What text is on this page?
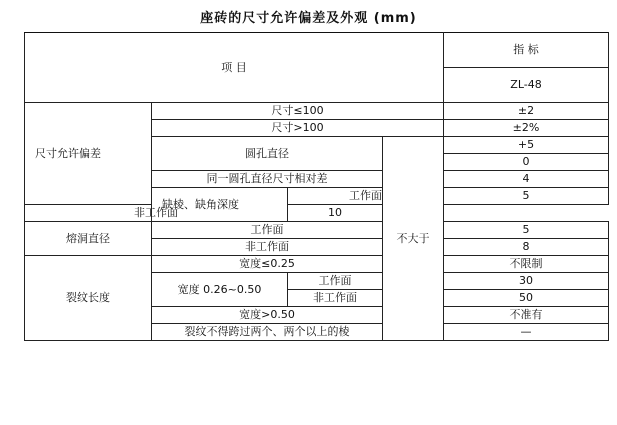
座砖的尺寸允许偏差及外观 (mm)
项 目				指 标
				ZL-48
尺寸允许偏差	尺寸≤100			±2
	尺寸>100			±2%
	圆孔直径		不大于	+5
				0
	同一圆孔直径尺寸相对差			4
	缺棱、缺角深度	工作面		5
非工作面		10		
熔洞直径	工作面			5
	非工作面			8
裂纹长度	宽度≤0.25			不限制
	宽度 0.26~0.50	工作面		30
		非工作面		50
	宽度>0.50			不准有
	裂纹不得跨过两个、两个以上的棱			—
